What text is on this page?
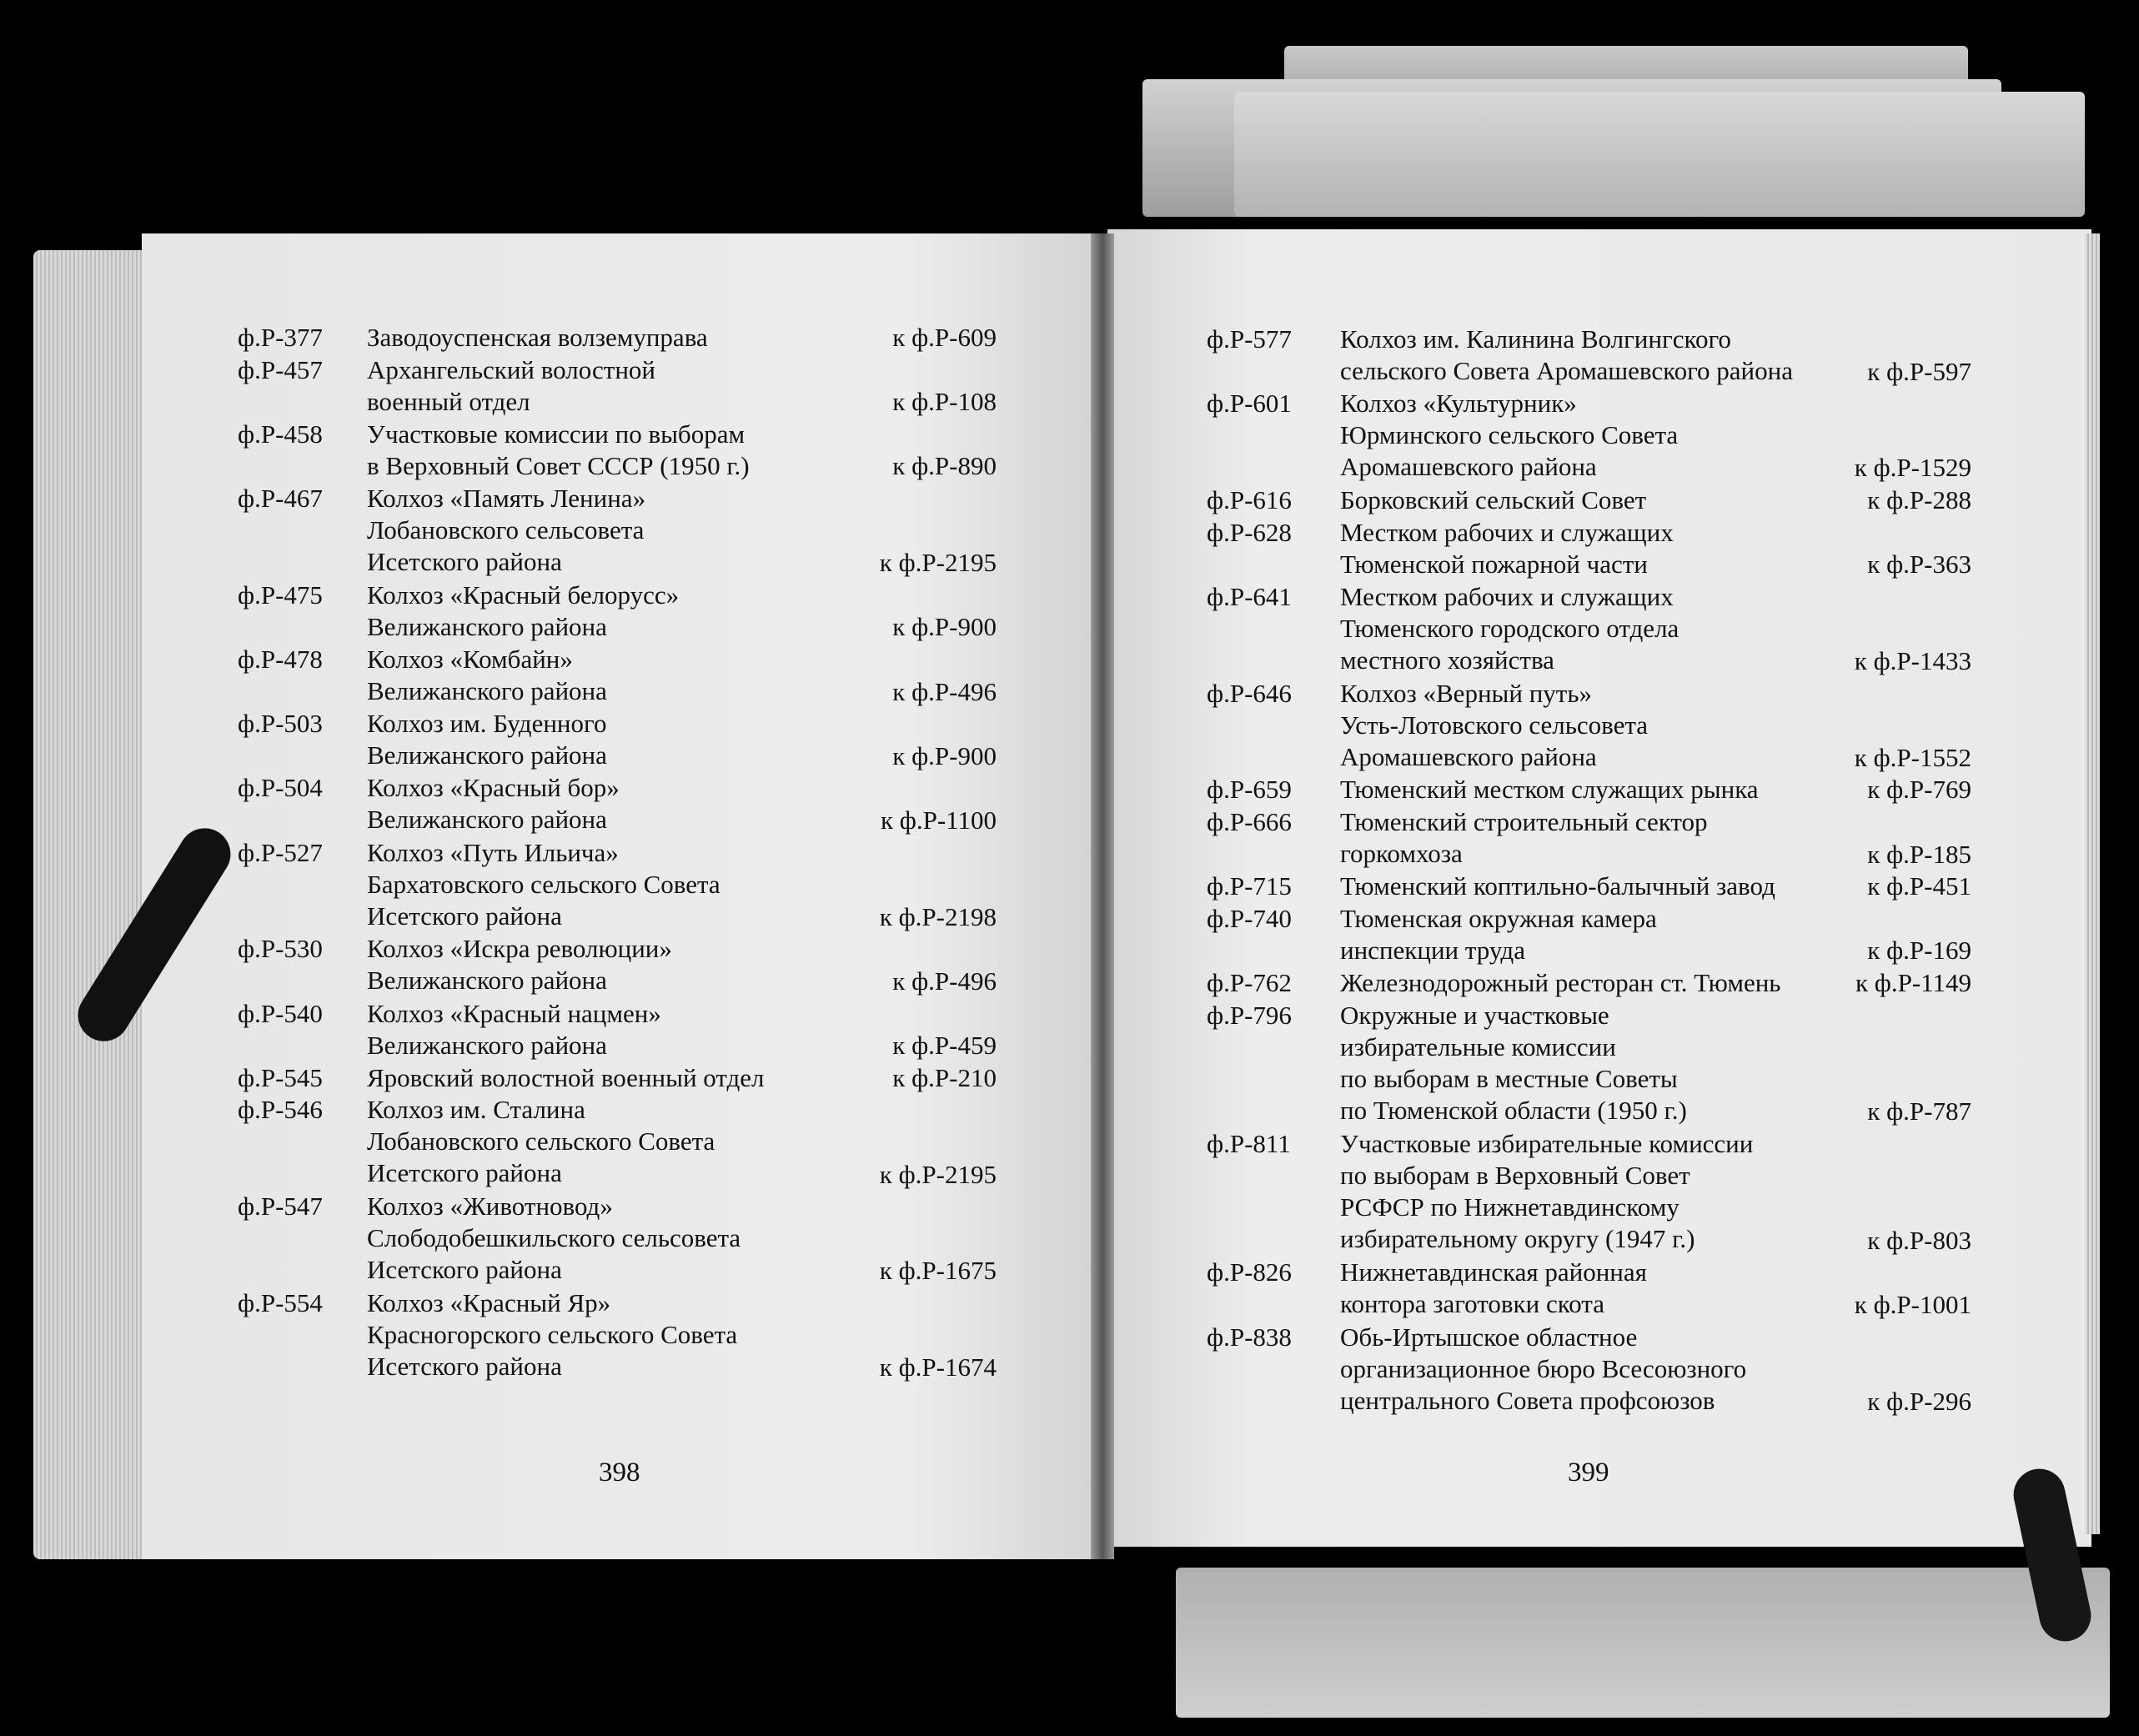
ф.Р-377 Заводоуспенская волземуправа	к ф.Р-609
ф.Р-457 Архангельский волостной
военный отдел	к ф.Р-108
ф.Р-458 Участковые комиссии по выборам
в Верховный Совет СССР (1950 г.)	к ф.Р-890
ф.Р-467 Колхоз «Память Ленина»
Лобановского сельсовета
Исетского района	к ф.Р-2195
ф.Р-475 Колхоз «Красный белорусс»
Велижанского района	к ф.Р-900
ф.Р-478 Колхоз «Комбайн»
Велижанского района	к ф.Р-496
ф.Р-503 Колхоз им. Буденного
Велижанского района	к ф.Р-900
ф.Р-504 Колхоз «Красный бор»
Велижанского района	к ф.Р-1100
ф.Р-527 Колхоз «Путь Ильича»
Бархатовского сельского Совета
Исетского района	к ф.Р-2198
ф.Р-530 Колхоз «Искра революции»
Велижанского района	к ф.Р-496
ф.Р-540 Колхоз «Красный нацмен»
Велижанского района	к ф.Р-459
ф.Р-545 Яровский волостной военный отдел	к ф.Р-210
ф.Р-546 Колхоз им. Сталина
Лобановского сельского Совета
Исетского района	к ф.Р-2195
ф.Р-547 Колхоз «Животновод»
Слободобешкильского сельсовета
Исетского района	к ф.Р-1675
ф.Р-554 Колхоз «Красный Яр»
Красногорского сельского Совета
Исетского района	к ф.Р-1674
398
ф.Р-577 Колхоз им. Калинина Волгингского
сельского Совета Аромашевского района	к ф.Р-597
ф.Р-601 Колхоз «Культурник»
Юрминского сельского Совета
Аромашевского района	к ф.Р-1529
ф.Р-616 Борковский сельский Совет	к ф.Р-288
ф.Р-628 Местком рабочих и служащих
Тюменской пожарной части	к ф.Р-363
ф.Р-641 Местком рабочих и служащих
Тюменского городского отдела
местного хозяйства	к ф.Р-1433
ф.Р-646 Колхоз «Верный путь»
Усть-Лотовского сельсовета
Аромашевского района	к ф.Р-1552
ф.Р-659 Тюменский местком служащих рынка	к ф.Р-769
ф.Р-666 Тюменский строительный сектор
горкомхоза	к ф.Р-185
ф.Р-715 Тюменский коптильно-балычный завод	к ф.Р-451
ф.Р-740 Тюменская окружная камера
инспекции труда	к ф.Р-169
ф.Р-762 Железнодорожный ресторан ст. Тюмень	к ф.Р-1149
ф.Р-796 Окружные и участковые
избирательные комиссии
по выборам в местные Советы
по Тюменской области (1950 г.)	к ф.Р-787
ф.Р-811 Участковые избирательные комиссии
по выборам в Верховный Совет
РСФСР по Нижнетавдинскому
избирательному округу (1947 г.)	к ф.Р-803
ф.Р-826 Нижнетавдинская районная
контора заготовки скота	к ф.Р-1001
ф.Р-838 Обь-Иртышское областное
организационное бюро Всесоюзного
центрального Совета профсоюзов	к ф.Р-296
399
